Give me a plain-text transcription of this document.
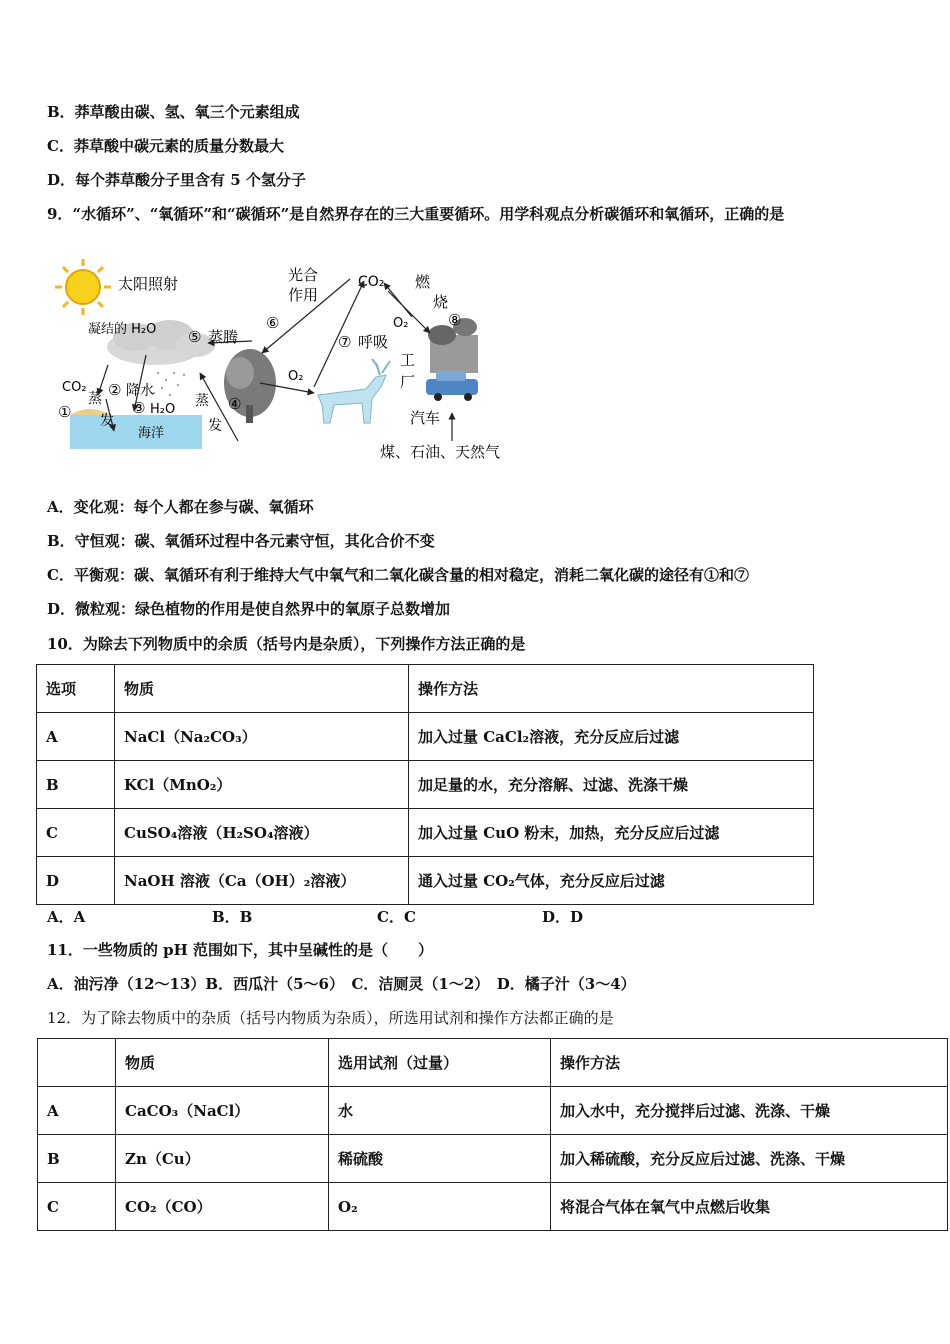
B．莽草酸由碳、氢、氧三个元素组成
C．莽草酸中碳元素的质量分数最大
D．每个莽草酸分子里含有 5 个氢分子
9．“水循环”、“氧循环”和“碳循环”是自然界存在的三大重要循环。用学科观点分析碳循环和氧循环，正确的是
太阳照射
凝结的 H₂O
海洋
光合
作用
CO₂ 燃
烧
⑥	⑧
O₂
⑦ 呼吸
工
厂
汽车
煤、石油、天然气
⑤ 蒸腾
CO₂ ② 降水
①	③ H₂O	④
O₂
蒸
发
蒸
发
A．变化观：每个人都在参与碳、氧循环
B．守恒观：碳、氧循环过程中各元素守恒，其化合价不变
C．平衡观：碳、氧循环有利于维持大气中氧气和二氧化碳含量的相对稳定，消耗二氧化碳的途径有①和⑦
D．微粒观：绿色植物的作用是使自然界中的氧原子总数增加
10．为除去下列物质中的余质（括号内是杂质），下列操作方法正确的是
选项	物质	操作方法
A	NaCl（Na₂CO₃）	加入过量 CaCl₂溶液，充分反应后过滤
B	KCl（MnO₂）	加足量的水，充分溶解、过滤、洗涤干燥
C	CuSO₄溶液（H₂SO₄溶液）	加入过量 CuO 粉末，加热，充分反应后过滤
D	NaOH 溶液（Ca（OH）₂溶液）	通入过量 CO₂气体，充分反应后过滤
A．A	B．B	C．C	D．D
11．一些物质的 pH 范围如下，其中呈碱性的是（　　）
A．油污净（12～13）B．西瓜汁（5～6）　C．洁厕灵（1～2）　D．橘子汁（3～4）
12．为了除去物质中的杂质（括号内物质为杂质），所选用试剂和操作方法都正确的是
	物质	选用试剂（过量）	操作方法
A	CaCO₃（NaCl）	水	加入水中，充分搅拌后过滤、洗涤、干燥
B	Zn（Cu）	稀硫酸	加入稀硫酸，充分反应后过滤、洗涤、干燥
C	CO₂（CO）	O₂	将混合气体在氧气中点燃后收集
